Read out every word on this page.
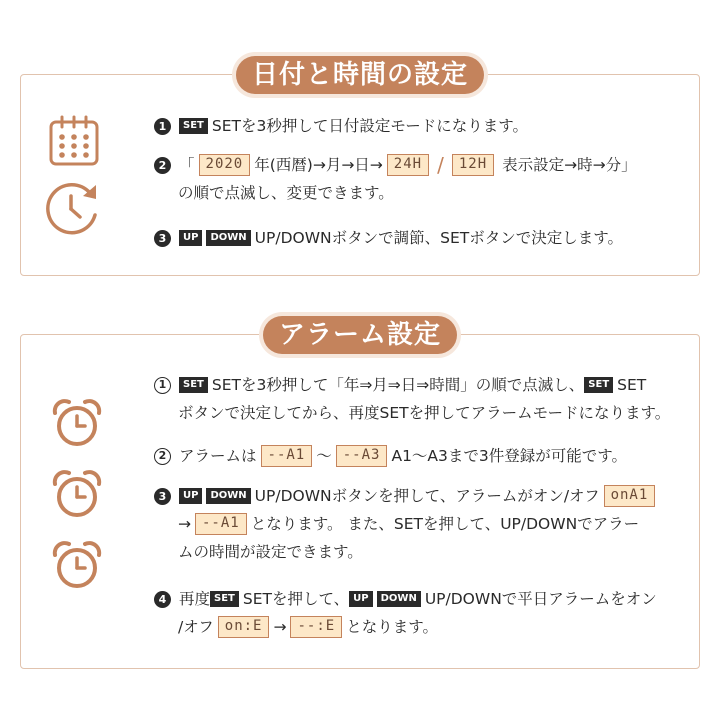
日付と時間の設定
1	SET SETを3秒押して日付設定モードになります。
2 「 2020 年(西暦)→月→日→ 24H /	12H 表示設定→時→分」
の順で点滅し、変更できます。
3	UP	DOWN UP/DOWNボタンで調節、SETボタンで決定します。
アラーム設定
1	SET SETを3秒押して「年⇒月⇒日⇒時間」の順で点滅し、 SET SET
ボタンで決定してから、再度SETを押してアラームモードになります。
2 アラームは --A1 〜 --A3 A1〜A3まで3件登録が可能です。
3	UP	DOWN UP/DOWNボタンを押して、アラームがオン/オフ onA1
→ --A1 となります。 また、SETを押して、UP/DOWNでアラー
ムの時間が設定できます。
4 再度 SET SETを押して、 UP	DOWN UP/DOWNで平日アラームをオン
/オフ on:E → --:E となります。
